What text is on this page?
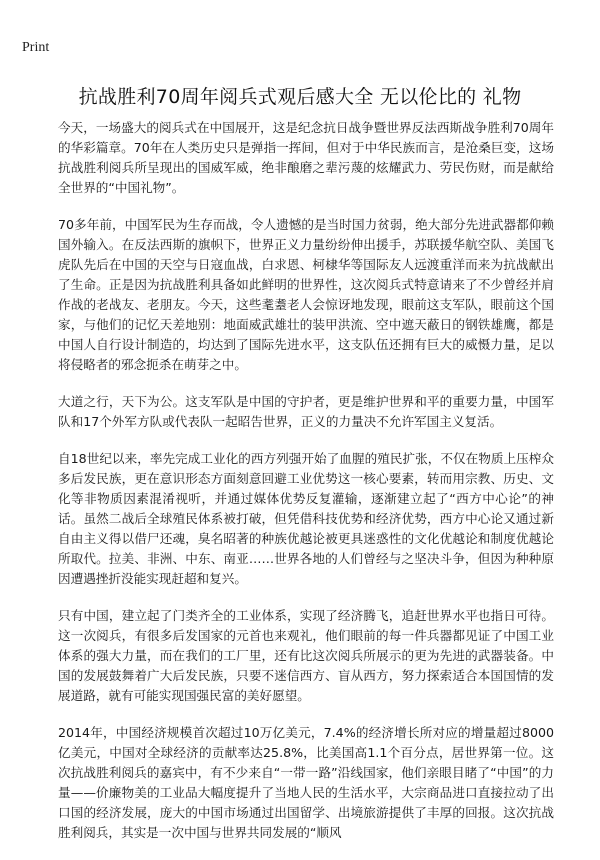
Print
抗战胜利70周年阅兵式观后感大全 无以伦比的 礼物

今天，一场盛大的阅兵式在中国展开，这是纪念抗日战争暨世界反法西斯战争胜利70周年的华彩篇章。70年在人类历史只是弹指一挥间，但对于中华民族而言，是沧桑巨变，这场抗战胜利阅兵所呈现出的国威军威，绝非酿磨之辈污蔑的炫耀武力、劳民伤财，而是献给全世界的“中国礼物”。

70多年前，中国军民为生存而战，令人遗憾的是当时国力贫弱，绝大部分先进武器都仰赖国外输入。在反法西斯的旗帜下，世界正义力量纷纷伸出援手，苏联援华航空队、美国飞虎队先后在中国的天空与日寇血战，白求恩、柯棣华等国际友人远渡重洋而来为抗战献出了生命。正是因为抗战胜利具备如此鲜明的世界性，这次阅兵式特意请来了不少曾经并肩作战的老战友、老朋友。今天，这些耄耋老人会惊讶地发现，眼前这支军队，眼前这个国家，与他们的记忆天差地别：地面威武雄壮的装甲洪流、空中遮天蔽日的钢铁雄鹰，都是中国人自行设计制造的，均达到了国际先进水平，这支队伍还拥有巨大的威慑力量，足以将侵略者的邪念扼杀在萌芽之中。

大道之行，天下为公。这支军队是中国的守护者，更是维护世界和平的重要力量，中国军队和17个外军方队或代表队一起昭告世界，正义的力量决不允许军国主义复活。

自18世纪以来，率先完成工业化的西方列强开始了血腥的殖民扩张，不仅在物质上压榨众多后发民族，更在意识形态方面刻意回避工业优势这一核心要素，转而用宗教、历史、文化等非物质因素混淆视听，并通过媒体优势反复灌输，逐渐建立起了“西方中心论”的神话。虽然二战后全球殖民体系被打破，但凭借科技优势和经济优势，西方中心论又通过新自由主义得以借尸还魂，臭名昭著的种族优越论被更具迷惑性的文化优越论和制度优越论所取代。拉美、非洲、中东、南亚……世界各地的人们曾经与之坚决斗争，但因为种种原因遭遇挫折没能实现赶超和复兴。

只有中国，建立起了门类齐全的工业体系，实现了经济腾飞，追赶世界水平也指日可待。这一次阅兵，有很多后发国家的元首也来观礼，他们眼前的每一件兵器都见证了中国工业体系的强大力量，而在我们的工厂里，还有比这次阅兵所展示的更为先进的武器装备。中国的发展鼓舞着广大后发民族，只要不迷信西方、盲从西方，努力探索适合本国国情的发展道路，就有可能实现国强民富的美好愿望。

2014年，中国经济规模首次超过10万亿美元，7.4%的经济增长所对应的增量超过8000亿美元，中国对全球经济的贡献率达25.8%，比美国高1.1个百分点，居世界第一位。这次抗战胜利阅兵的嘉宾中，有不少来自“一带一路”沿线国家，他们亲眼目睹了“中国”的力量——价廉物美的工业品大幅度提升了当地人民的生活水平，大宗商品进口直接拉动了出口国的经济发展，庞大的中国市场通过出国留学、出境旅游提供了丰厚的回报。这次抗战胜利阅兵，其实是一次中国与世界共同发展的“顺风
